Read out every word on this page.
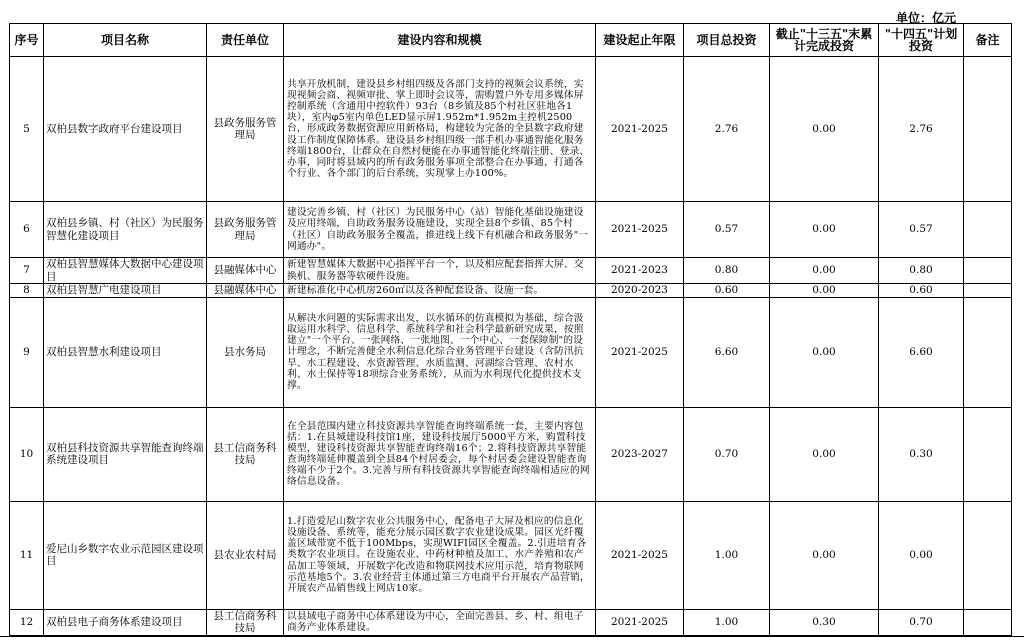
单位：亿元
序号	项目名称	责任单位	建设内容和规模	建设起止年限	项目总投资	截止"十三五"末累计完成投资	"十四五"计划投资	备注
5	双柏县数字政府平台建设项目	县政务服务管理局	共享开放机制，建设县乡村组四级及各部门支持的视频会议系统，实现视频会商、视频审批、掌上即时会议等，需购置户外专用多媒体屏控制系统（含通用中控软件）93台（8乡镇及85个村社区驻地各1块），室内φ5室内单色LED显示屏1.952m*1.952m主控机2500台，形成政务数据资源应用新格局，构建较为完备的全县数字政府建设工作制度保障体系。建设县乡村组四级一部手机办事通智能化服务终端1800台，让群众在自然村便能在办事通智能化终端注册、登录、办事，同时将县域内的所有政务服务事项全部整合在办事通，打通各个行业、各个部门的后台系统，实现掌上办100%。	2021-2025	2.76	0.00	2.76	
6	双柏县乡镇、村（社区）为民服务智慧化建设项目	县政务服务管理局	建设完善乡镇、村（社区）为民服务中心（站）智能化基础设施建设及应用终端，自助政务服务设施建设，实现全县8个乡镇、85个村（社区）自助政务服务全覆盖，推进线上线下有机融合和政务服务"一网通办"。	2021-2025	0.57	0.00	0.57	
7	双柏县智慧媒体大数据中心建设项目	县融媒体中心	新建智慧媒体大数据中心指挥平台一个，以及相应配套指挥大屏、交换机、服务器等软硬件设施。	2021-2023	0.80	0.00	0.80	
8	双柏县智慧广电建设项目	县融媒体中心	新建标准化中心机房260㎡以及各种配套设备、设施一套。	2020-2023	0.60	0.00	0.60	
9	双柏县智慧水利建设项目	县水务局	从解决水问题的实际需求出发，以水循环的仿真模拟为基础，综合汲取运用水科学、信息科学、系统科学和社会科学最新研究成果，按照建立"一个平台、一张网络、一张地图、一个中心、一套保障制"的设计理念，不断完善健全水利信息化综合业务管理平台建设（含防汛抗旱、水工程建设、水资源管理、水质监测、河湖综合管理、农村水利、水土保持等18项综合业务系统），从而为水利现代化提供技术支撑。	2021-2025	6.60	0.00	6.60	
10	双柏县科技资源共享智能查询终端系统建设项目	县工信商务科技局	在全县范围内建立科技资源共享智能查询终端系统一套，主要内容包括：1.在县城建设科技馆1座，建设科技展厅5000平方米，购置科技模型，建设科技资源共享智能查询终端16个；2.将科技资源共享智能查询终端延伸覆盖到全县84个村居委会，每个村居委会建设智能查询终端不少于2个。3.完善与所有科技资源共享智能查询终端相适应的网络信息设备。	2023-2027	0.70	0.00	0.30	
11	爱尼山乡数字农业示范园区建设项目	县农业农村局	1.打造爱尼山数字农业公共服务中心，配备电子大屏及相应的信息化设施设备、系统等，能充分展示园区数字农业建设成果。园区光纤覆盖区域带宽不低于100Mbps，实现WIFI园区全覆盖。2.引进培育各类数字农业项目。在设施农业、中药材种植及加工、水产养殖和农产品加工等领域，开展数字化改造和物联网技术应用示范，培育物联网示范基地5个。3.农业经营主体通过第三方电商平台开展农产品营销，开展农产品销售线上网店10家。	2021-2025	1.00	0.00	0.00	
12	双柏县电子商务体系建设项目	县工信商务科技局	以县域电子商务中心体系建设为中心，全面完善县、乡、村、组电子商务产业体系建设。	2021-2025	1.00	0.30	0.70	
